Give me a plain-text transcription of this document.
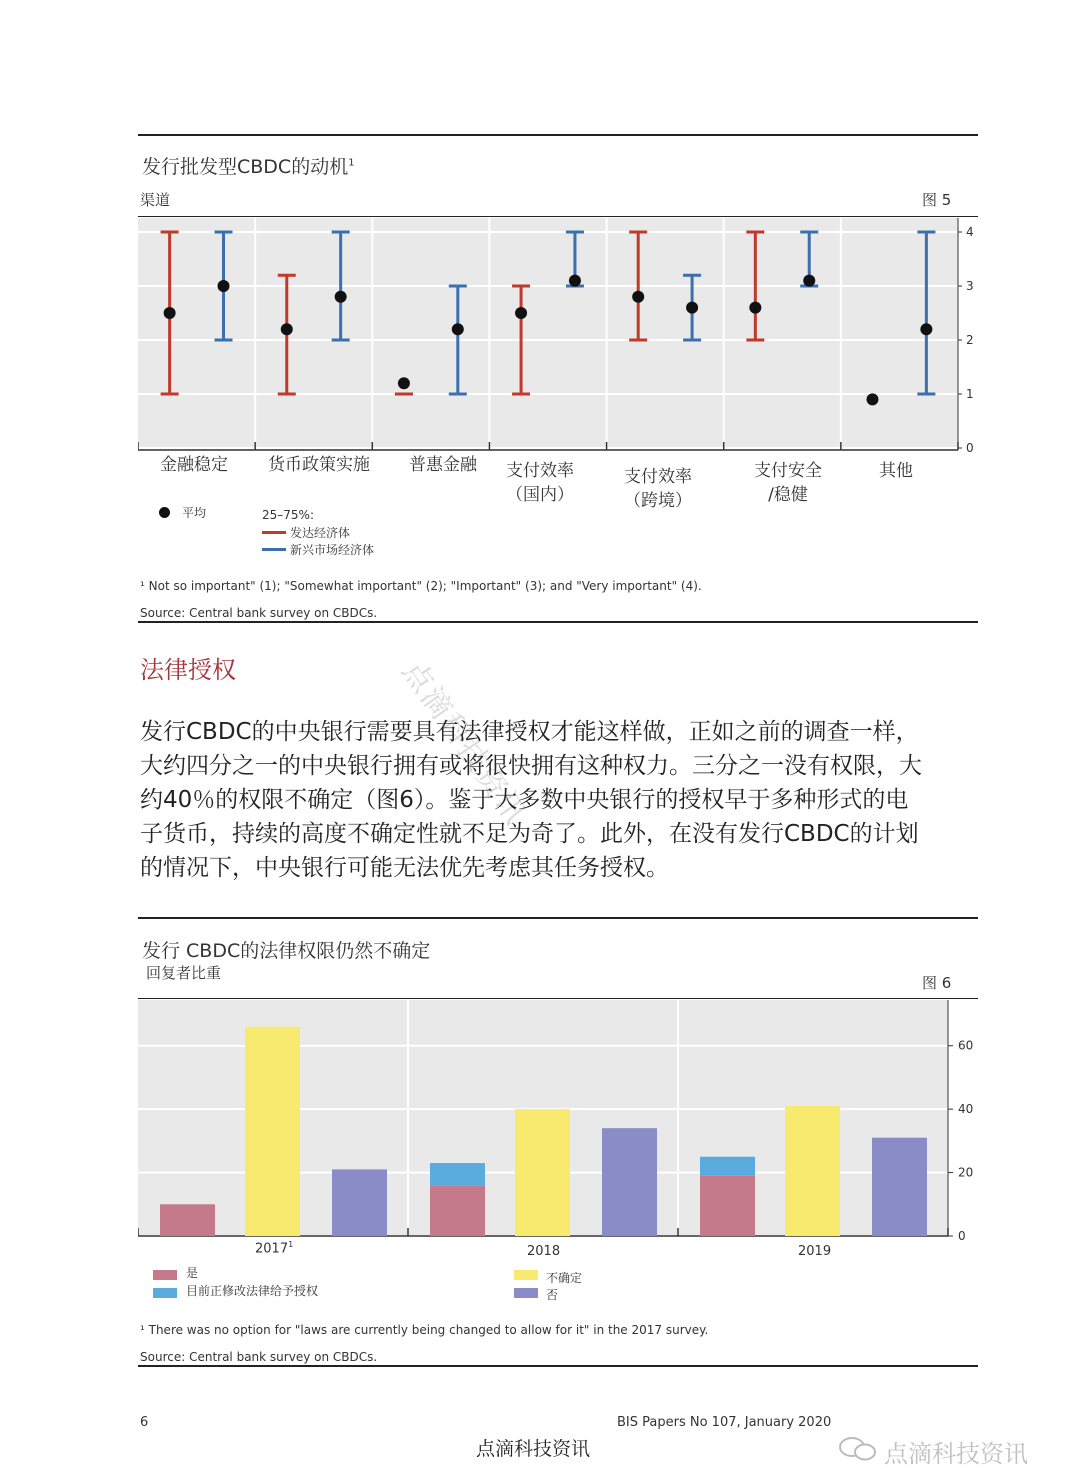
发行批发型CBDC的动机$^1$
渠道	图 5
0
1
2
3
4
金融稳定	货币政策实施	普惠金融	支付效率
（国内）
支付效率
（跨境）
支付安全
/稳健
其他
平均	25–75%:
发达经济体
新兴市场经济体
¹ Not so important" (1); "Somewhat important" (2); "Important" (3); and "Very important" (4).
Source: Central bank survey on CBDCs.
点滴科技资讯
法律授权
发行CBDC的中央银行需要具有法律授权才能这样做，正如之前的调查一样，
大约四分之一的中央银行拥有或将很快拥有这种权力。三分之一没有权限，大
约40％的权限不确定（图6）。鉴于大多数中央银行的授权早于多种形式的电
子货币，持续的高度不确定性就不足为奇了。此外，在没有发行CBDC的计划
的情况下，中央银行可能无法优先考虑其任务授权。
发行 CBDC的法律权限仍然不确定
回复者比重
图 6
0
20
40
60
2017$^1$	2018	2019
是
目前正修改法律给予授权
不确定
否
¹ There was no option for "laws are currently being changed to allow for it" in the 2017 survey.
Source: Central bank survey on CBDCs.
6	BIS Papers No 107, January 2020
点滴科技资讯	点滴科技资讯
